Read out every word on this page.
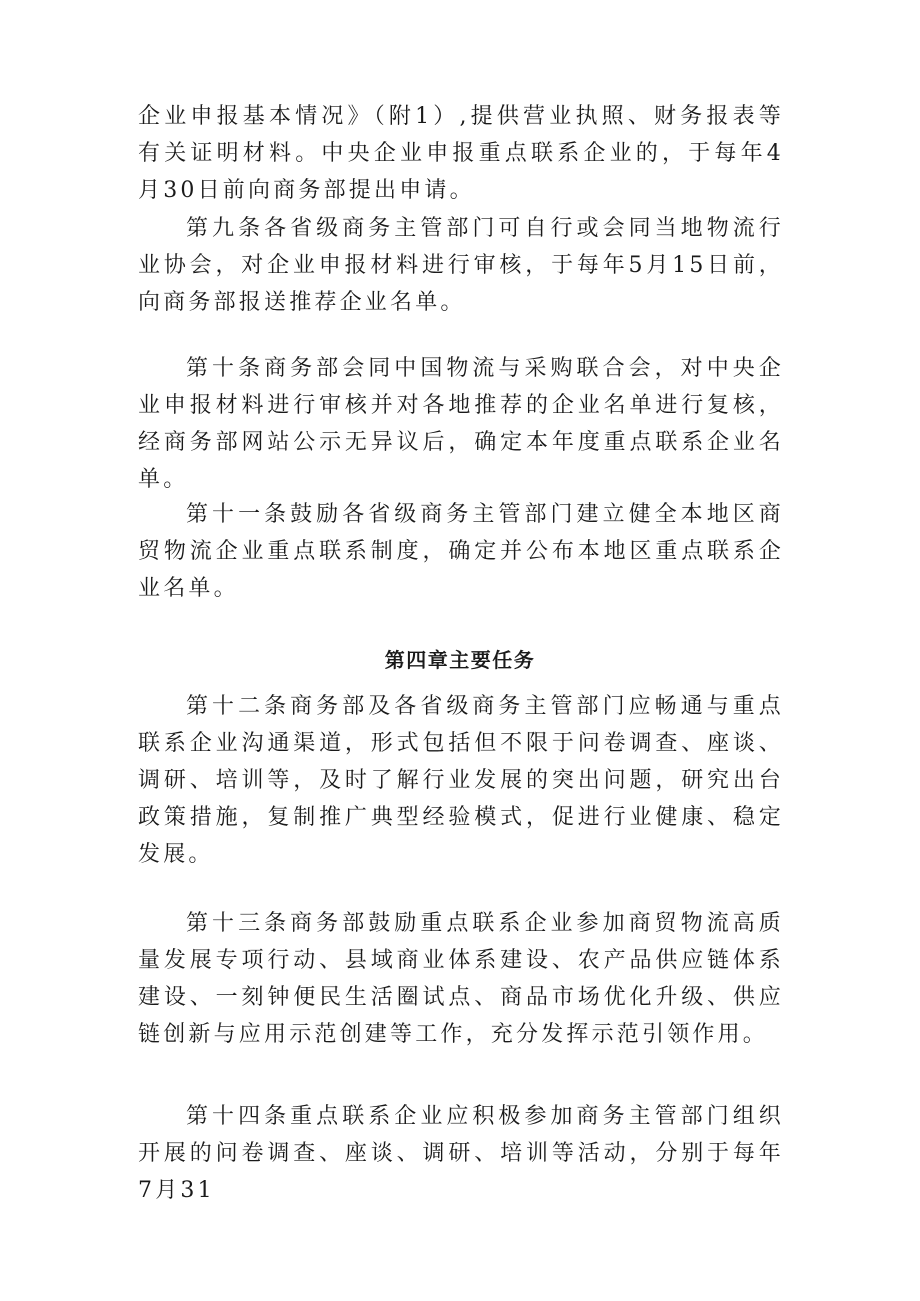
企业申报基本情况》（附1）,提供营业执照、财务报表等有关证明材料。中央企业申报重点联系企业的，于每年4月30日前向商务部提出申请。

第九条各省级商务主管部门可自行或会同当地物流行业协会，对企业申报材料进行审核，于每年5月15日前，向商务部报送推荐企业名单。

第十条商务部会同中国物流与采购联合会，对中央企业申报材料进行审核并对各地推荐的企业名单进行复核，经商务部网站公示无异议后，确定本年度重点联系企业名单。

第十一条鼓励各省级商务主管部门建立健全本地区商贸物流企业重点联系制度，确定并公布本地区重点联系企业名单。

第四章主要任务

第十二条商务部及各省级商务主管部门应畅通与重点联系企业沟通渠道，形式包括但不限于问卷调查、座谈、调研、培训等，及时了解行业发展的突出问题，研究出台政策措施，复制推广典型经验模式，促进行业健康、稳定发展。

第十三条商务部鼓励重点联系企业参加商贸物流高质量发展专项行动、县域商业体系建设、农产品供应链体系建设、一刻钟便民生活圈试点、商品市场优化升级、供应链创新与应用示范创建等工作，充分发挥示范引领作用。

第十四条重点联系企业应积极参加商务主管部门组织开展的问卷调查、座谈、调研、培训等活动，分别于每年7月31
